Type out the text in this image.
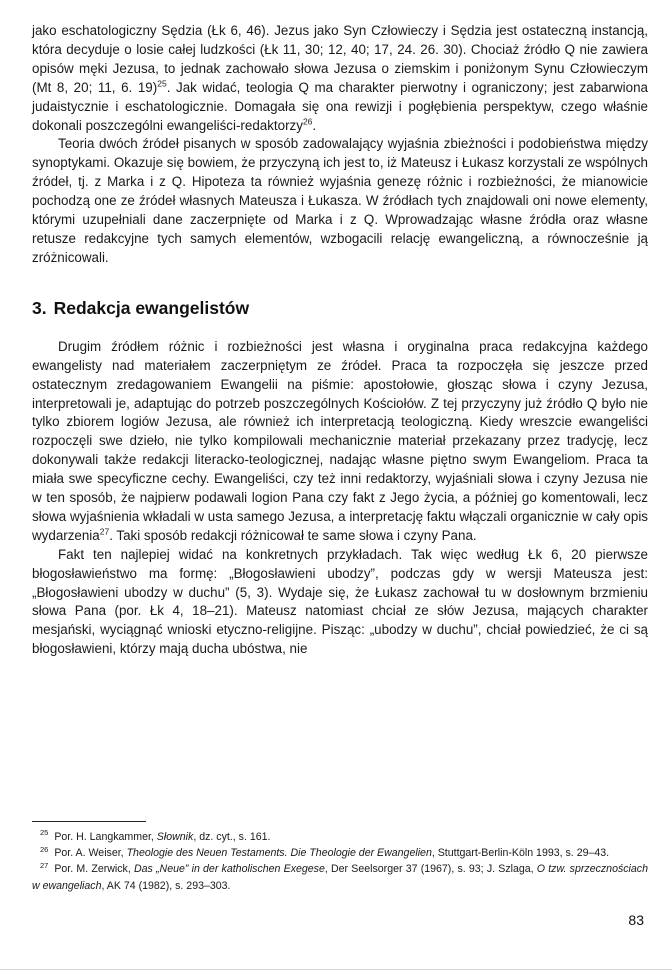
jako eschatologiczny Sędzia (Łk 6, 46). Jezus jako Syn Człowieczy i Sędzia jest ostateczną instancją, która decyduje o losie całej ludzkości (Łk 11, 30; 12, 40; 17, 24. 26. 30). Chociaż źródło Q nie zawiera opisów męki Jezusa, to jednak zachowało słowa Jezusa o ziemskim i poniżonym Synu Człowieczym (Mt 8, 20; 11, 6. 19)$^{25}$. Jak widać, teologia Q ma charakter pierwotny i ograniczony; jest zabarwiona judaistycznie i eschatologicznie. Domagała się ona rewizji i pogłębienia perspektyw, czego właśnie dokonali poszczególni ewangeliści-redaktorzy$^{26}$.

Teoria dwóch źródeł pisanych w sposób zadowalający wyjaśnia zbieżności i podobieństwa między synoptykami. Okazuje się bowiem, że przyczyną ich jest to, iż Mateusz i Łukasz korzystali ze wspólnych źródeł, tj. z Marka i z Q. Hipoteza ta również wyjaśnia genezę różnic i rozbieżności, że mianowicie pochodzą one ze źródeł własnych Mateusza i Łukasza. W źródłach tych znajdowali oni nowe elementy, którymi uzupełniali dane zaczerpnięte od Marka i z Q. Wprowadzając własne źródła oraz własne retusze redakcyjne tych samych elementów, wzbogacili relację ewangeliczną, a równocześnie ją zróżnicowali.

3. Redakcja ewangelistów

Drugim źródłem różnic i rozbieżności jest własna i oryginalna praca redakcyjna każdego ewangelisty nad materiałem zaczerpniętym ze źródeł. Praca ta rozpoczęła się jeszcze przed ostatecznym zredagowaniem Ewangelii na piśmie: apostołowie, głosząc słowa i czyny Jezusa, interpretowali je, adaptując do potrzeb poszczególnych Kościołów. Z tej przyczyny już źródło Q było nie tylko zbiorem logiów Jezusa, ale również ich interpretacją teologiczną. Kiedy wreszcie ewangeliści rozpoczęli swe dzieło, nie tylko kompilowali mechanicznie materiał przekazany przez tradycję, lecz dokonywali także redakcji literacko-teologicznej, nadając własne piętno swym Ewangeliom. Praca ta miała swe specyficzne cechy. Ewangeliści, czy też inni redaktorzy, wyjaśniali słowa i czyny Jezusa nie w ten sposób, że najpierw podawali logion Pana czy fakt z Jego życia, a później go komentowali, lecz słowa wyjaśnienia wkładali w usta samego Jezusa, a interpretację faktu włączali organicznie w cały opis wydarzenia$^{27}$. Taki sposób redakcji różnicował te same słowa i czyny Pana.

Fakt ten najlepiej widać na konkretnych przykładach. Tak więc według Łk 6, 20 pierwsze błogosławieństwo ma formę: „Błogosławieni ubodzy”, podczas gdy w wersji Mateusza jest: „Błogosławieni ubodzy w duchu” (5, 3). Wydaje się, że Łukasz zachował tu w dosłownym brzmieniu słowa Pana (por. Łk 4, 18–21). Mateusz natomiast chciał ze słów Jezusa, mających charakter mesjański, wyciągnąć wnioski etyczno-religijne. Pisząc: „ubodzy w duchu”, chciał powiedzieć, że ci są błogosławieni, którzy mają ducha ubóstwa, nie

$^{25}$ Por. H. Langkammer, Słownik, dz. cyt., s. 161.

$^{26}$ Por. A. Weiser, Theologie des Neuen Testaments. Die Theologie der Ewangelien, Stuttgart-Berlin-Köln 1993, s. 29–43.

$^{27}$ Por. M. Zerwick, Das „Neue” in der katholischen Exegese, Der Seelsorger 37 (1967), s. 93; J. Szlaga, O tzw. sprzecznościach w ewangeliach, AK 74 (1982), s. 293–303.

83
